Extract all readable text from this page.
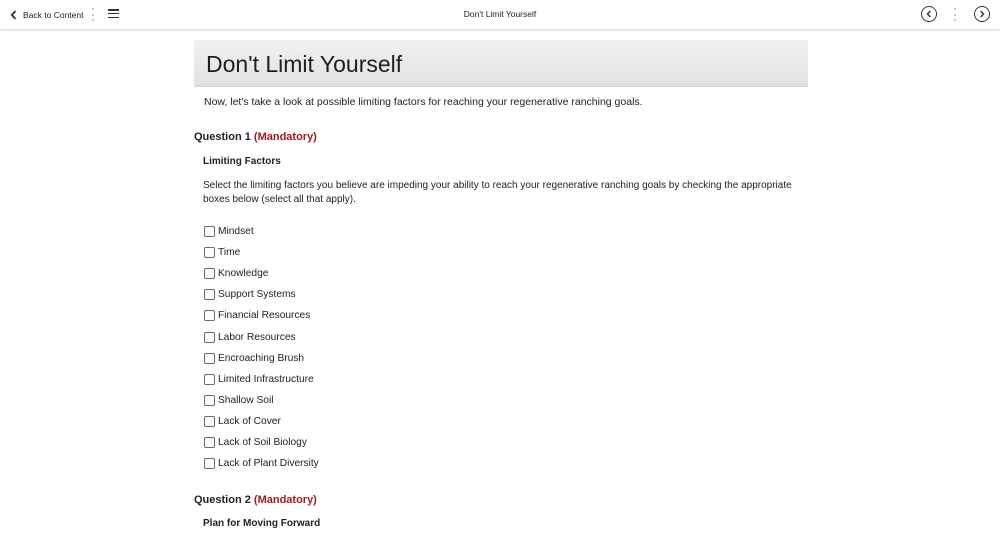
Back to Content	Don't Limit Yourself
Don't Limit Yourself
Now, let's take a look at possible limiting factors for reaching your regenerative ranching goals.
Question 1 (Mandatory)
Limiting Factors
Select the limiting factors you believe are impeding your ability to reach your regenerative ranching goals by checking the appropriate boxes below (select all that apply).
Mindset
Time
Knowledge
Support Systems
Financial Resources
Labor Resources
Encroaching Brush
Limited Infrastructure
Shallow Soil
Lack of Cover
Lack of Soil Biology
Lack of Plant Diversity
Question 2 (Mandatory)
Plan for Moving Forward
